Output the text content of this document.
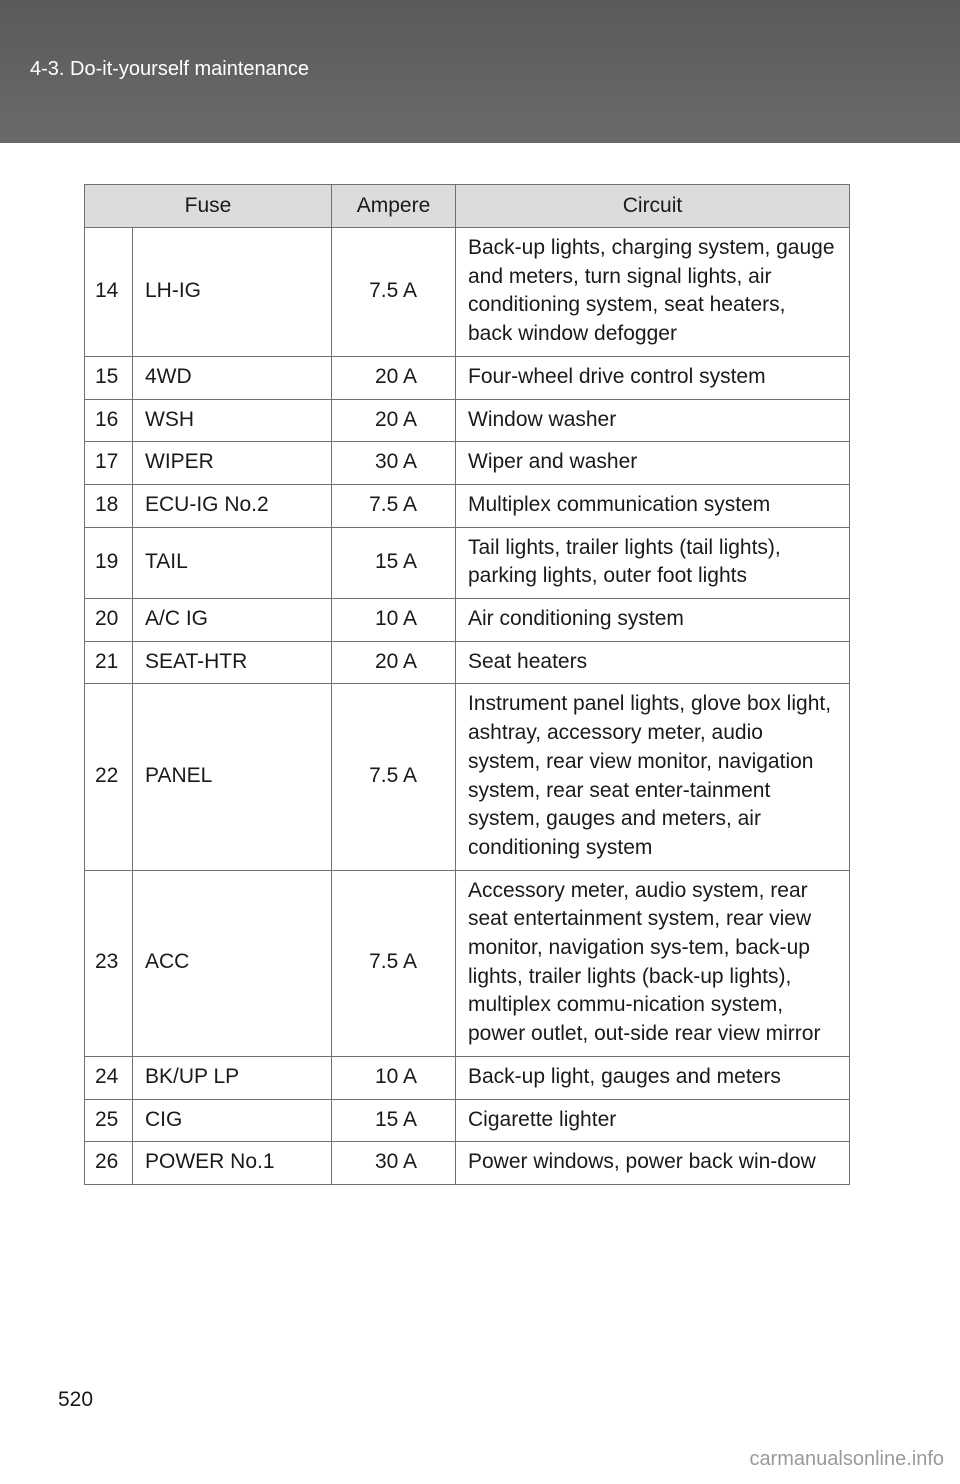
4-3. Do-it-yourself maintenance
Fuse		Ampere	Circuit
14	LH-IG	7.5 A	Back-up lights, charging system, gauge and meters, turn signal lights, air conditioning system, seat heaters, back window defogger
15	4WD	20 A	Four-wheel drive control system
16	WSH	20 A	Window washer
17	WIPER	30 A	Wiper and washer
18	ECU-IG No.2	7.5 A	Multiplex communication system
19	TAIL	15 A	Tail lights, trailer lights (tail lights), parking lights, outer foot lights
20	A/C IG	10 A	Air conditioning system
21	SEAT-HTR	20 A	Seat heaters
22	PANEL	7.5 A	Instrument panel lights, glove box light, ashtray, accessory meter, audio system, rear view monitor, navigation system, rear seat enter-tainment system, gauges and meters, air conditioning system
23	ACC	7.5 A	Accessory meter, audio system, rear seat entertainment system, rear view monitor, navigation sys-tem, back-up lights, trailer lights (back-up lights), multiplex commu-nication system, power outlet, out-side rear view mirror
24	BK/UP LP	10 A	Back-up light, gauges and meters
25	CIG	15 A	Cigarette lighter
26	POWER No.1	30 A	Power windows, power back win-dow
520
carmanualsonline.info
